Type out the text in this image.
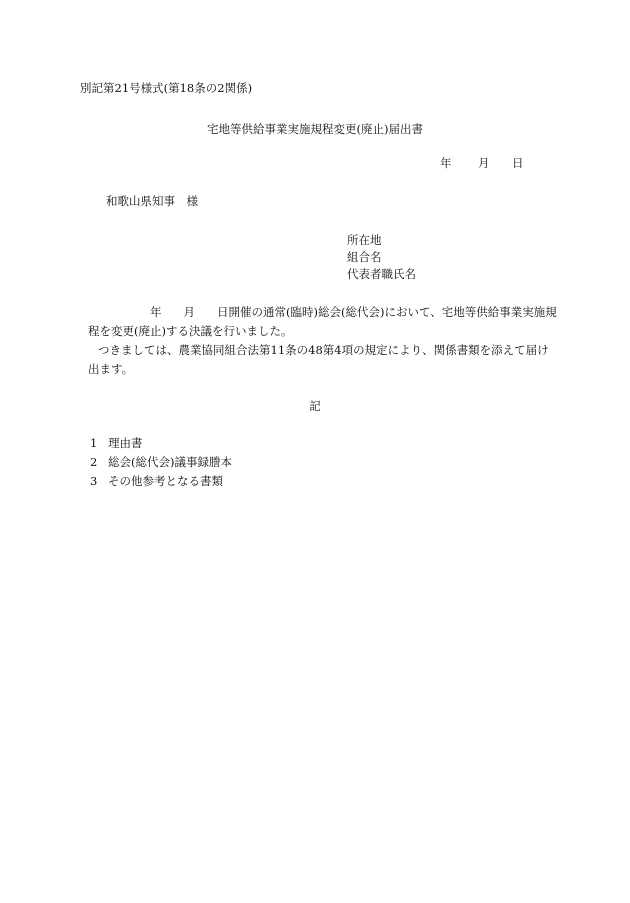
別記第21号様式(第18条の2関係)
宅地等供給事業実施規程変更(廃止)届出書
年 月 日
和歌山県知事　様
所在地
組合名
代表者職氏名
年 月 日開催の通常(臨時)総会(総代会)において、宅地等供給事業実施規程を変更(廃止)する決議を行いました。
つきましては、農業協同組合法第11条の48第4項の規定により、関係書類を添えて届け出ます。
記
1 理由書
2 総会(総代会)議事録謄本
3 その他参考となる書類
